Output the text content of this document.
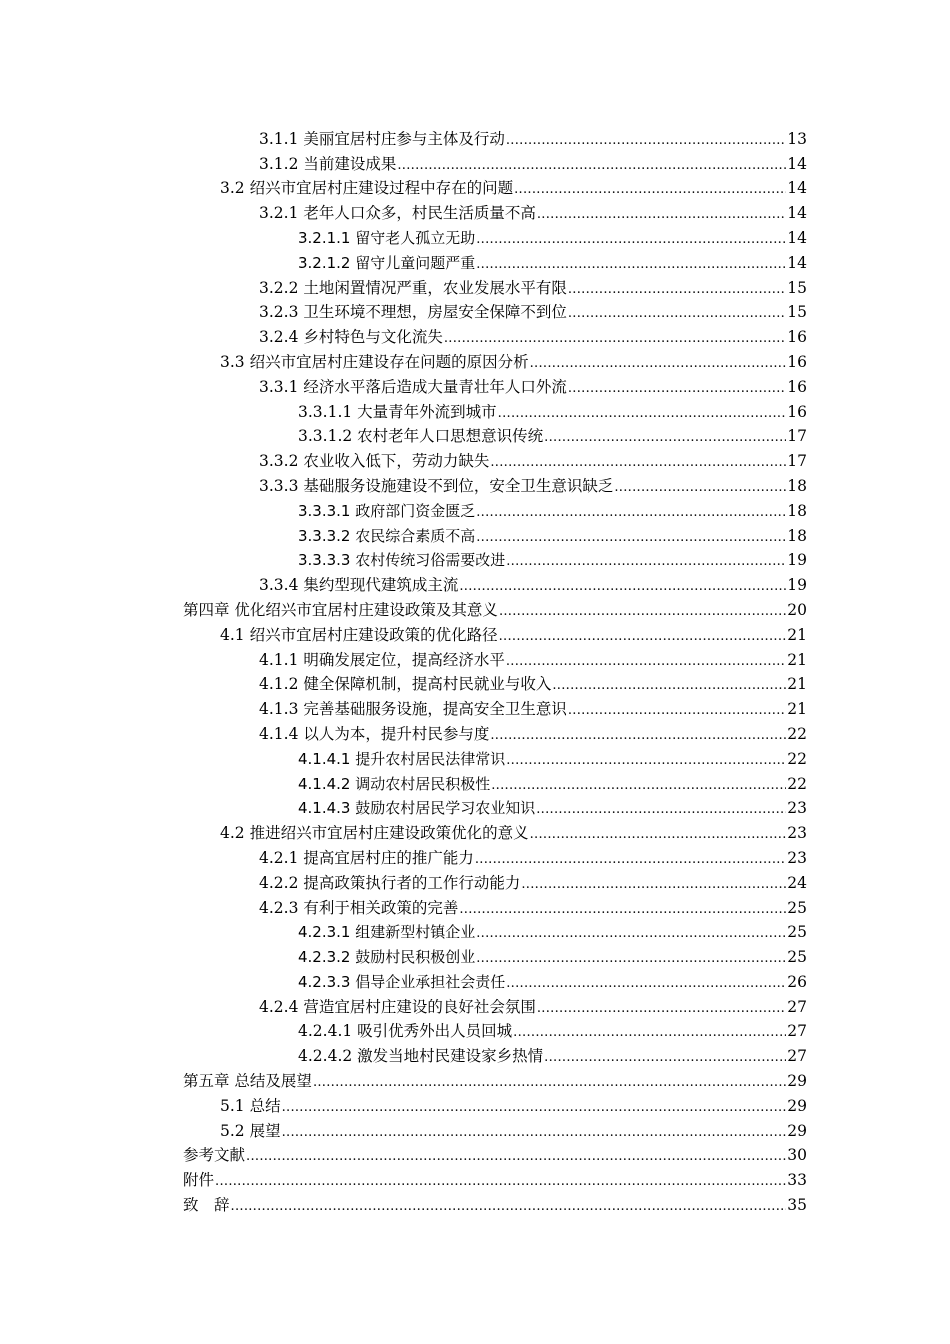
3.1.1 美丽宜居村庄参与主体及行动 .....	13
3.1.2 当前建设成果 .....	14
3.2 绍兴市宜居村庄建设过程中存在的问题 .....	14
3.2.1 老年人口众多，村民生活质量不高 .....	14
3.2.1.1 留守老人孤立无助 .....	14
3.2.1.2 留守儿童问题严重 .....	14
3.2.2 土地闲置情况严重，农业发展水平有限 .....	15
3.2.3 卫生环境不理想，房屋安全保障不到位 .....	15
3.2.4 乡村特色与文化流失 .....	16
3.3 绍兴市宜居村庄建设存在问题的原因分析 .....	16
3.3.1 经济水平落后造成大量青壮年人口外流 .....	16
3.3.1.1 大量青年外流到城市 .....	16
3.3.1.2 农村老年人口思想意识传统 .....	17
3.3.2 农业收入低下，劳动力缺失 .....	17
3.3.3 基础服务设施建设不到位，安全卫生意识缺乏 .....	18
3.3.3.1 政府部门资金匮乏 .....	18
3.3.3.2 农民综合素质不高 .....	18
3.3.3.3 农村传统习俗需要改进 .....	19
3.3.4 集约型现代建筑成主流 .....	19
第四章 优化绍兴市宜居村庄建设政策及其意义 .....	20
4.1 绍兴市宜居村庄建设政策的优化路径 .....	21
4.1.1 明确发展定位，提高经济水平 .....	21
4.1.2 健全保障机制，提高村民就业与收入 .....	21
4.1.3 完善基础服务设施，提高安全卫生意识 .....	21
4.1.4 以人为本，提升村民参与度 .....	22
4.1.4.1 提升农村居民法律常识 .....	22
4.1.4.2 调动农村居民积极性 .....	22
4.1.4.3 鼓励农村居民学习农业知识 .....	23
4.2 推进绍兴市宜居村庄建设政策优化的意义 .....	23
4.2.1 提高宜居村庄的推广能力 .....	23
4.2.2 提高政策执行者的工作行动能力 .....	24
4.2.3 有利于相关政策的完善 .....	25
4.2.3.1 组建新型村镇企业 .....	25
4.2.3.2 鼓励村民积极创业 .....	25
4.2.3.3 倡导企业承担社会责任 .....	26
4.2.4 营造宜居村庄建设的良好社会氛围 .....	27
4.2.4.1 吸引优秀外出人员回城 .....	27
4.2.4.2 激发当地村民建设家乡热情 .....	27
第五章 总结及展望 .....	29
5.1 总结 .....	29
5.2 展望 .....	29
参考文献 .....	30
附件 .....	33
致　辞 .....	35
